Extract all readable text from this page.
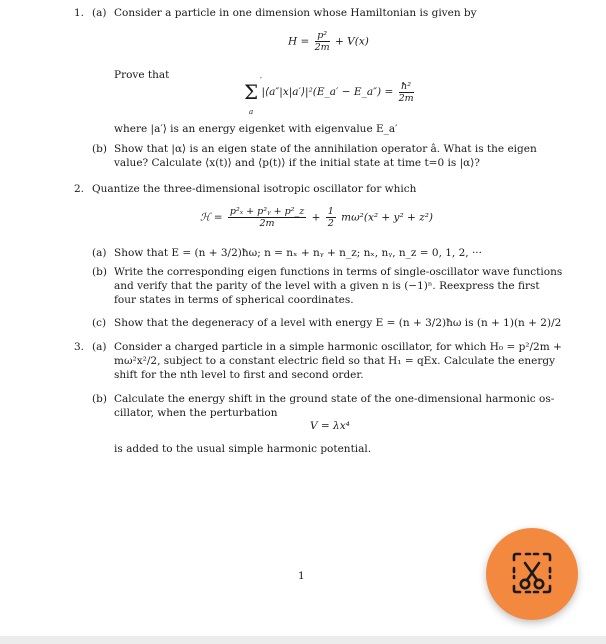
1. (a) Consider a particle in one dimension whose Hamiltonian is given by
$H = \frac{\text{p²}}{2m} + V(x)$
Prove that
Σ ′
a
|⟨a″|x|a′⟩|²(E_a′ − E_a″) = $\frac{\text{ħ²}}{2m}$
where |a′⟩ is an energy eigenket with eigenvalue E_a′
(b) Show that |α⟩ is an eigen state of the annihilation operator â. What is the eigen
value? Calculate ⟨x(t)⟩ and ⟨p(t)⟩ if the initial state at time t=0 is |α⟩?
2. Quantize the three-dimensional isotropic oscillator for which
ℋ = $\frac{\text{p²ₓ + p²ᵧ + p²\_z}}{2m} + \frac{1}{2} m\omega^2(x^2 + y^2 + z^2)$
(a) Show that E = (n + 3/2)ħω; n = nₓ + nᵧ + n_z; nₓ, nᵧ, n_z = 0, 1, 2, ···
(b) Write the corresponding eigen functions in terms of single-oscillator wave functions
and verify that the parity of the level with a given n is (−1)ⁿ. Reexpress the first
four states in terms of spherical coordinates.
(c) Show that the degeneracy of a level with energy E = (n + 3/2)ħω is (n + 1)(n + 2)/2
3. (a) Consider a charged particle in a simple harmonic oscillator, for which H₀ = p²/2m +
mω²x²/2, subject to a constant electric field so that H₁ = qEx. Calculate the energy
shift for the nth level to first and second order.
(b) Calculate the energy shift in the ground state of the one-dimensional harmonic os-
cillator, when the perturbation
V = λx⁴
is added to the usual simple harmonic potential.
1
